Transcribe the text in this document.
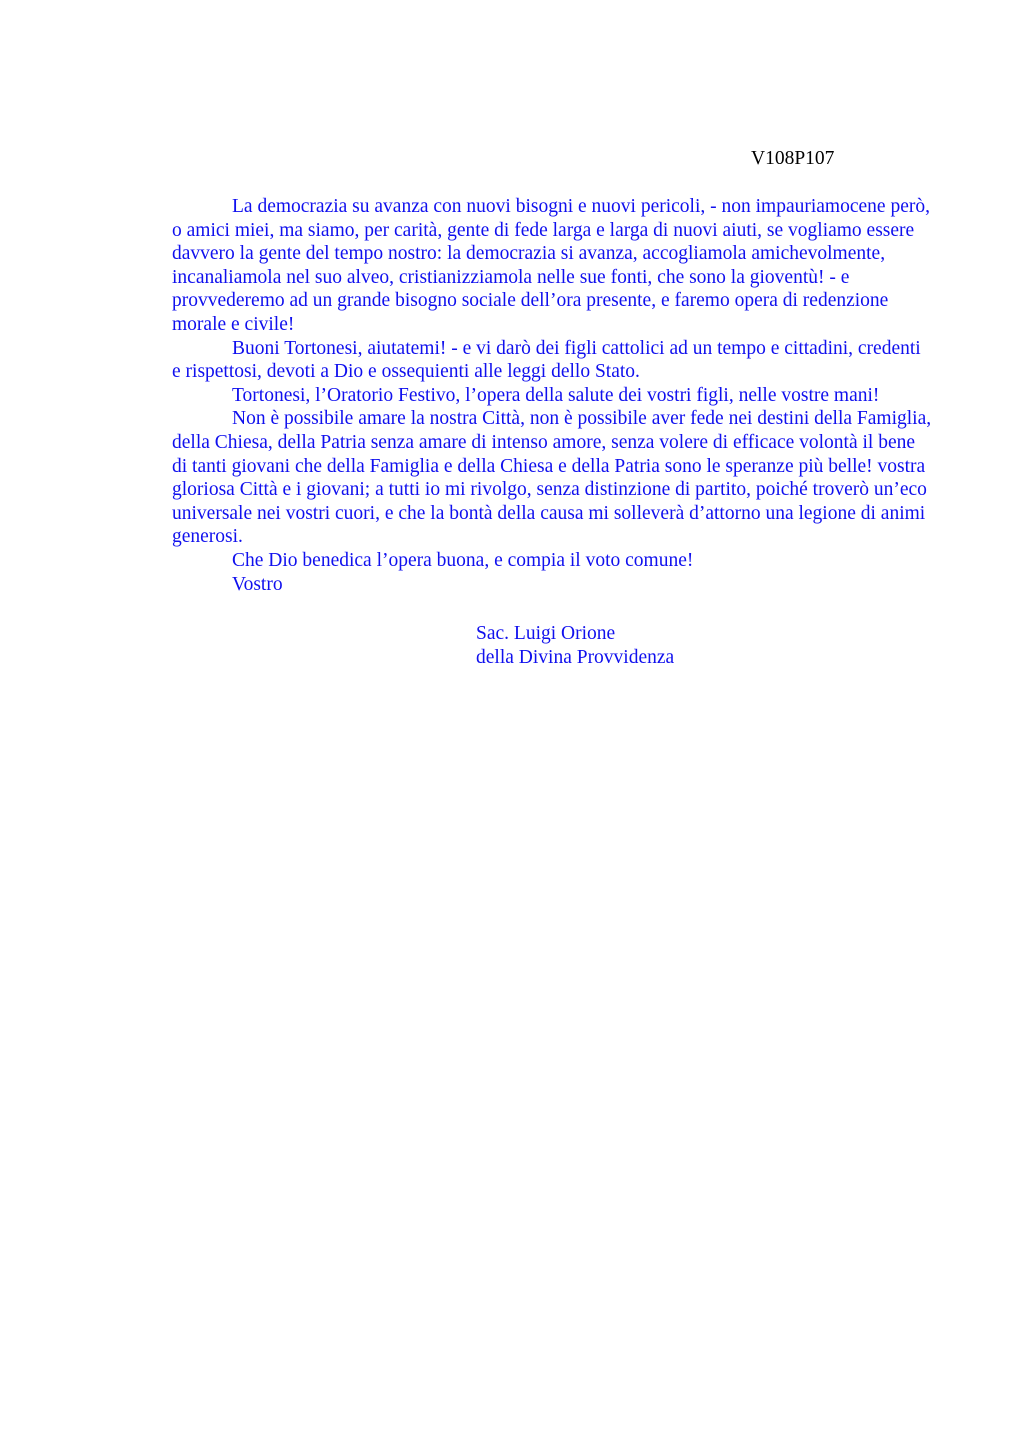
V108P107

La democrazia su avanza con nuovi bisogni e nuovi pericoli, - non impauriamocene però, o amici miei, ma siamo, per carità, gente di fede larga e larga di nuovi aiuti, se vogliamo essere davvero la gente del tempo nostro: la democrazia si avanza, accogliamola amichevolmente, incanaliamola nel suo alveo, cristianizziamola nelle sue fonti, che sono la gioventù! - e provvederemo ad un grande bisogno sociale dell’ora presente, e faremo opera di redenzione morale e civile!

Buoni Tortonesi, aiutatemi! - e vi darò dei figli cattolici ad un tempo e cittadini, credenti e rispettosi, devoti a Dio e ossequienti alle leggi dello Stato.

Tortonesi, l’Oratorio Festivo, l’opera della salute dei vostri figli, nelle vostre mani!

Non è possibile amare la nostra Città, non è possibile aver fede nei destini della Famiglia, della Chiesa, della Patria senza amare di intenso amore, senza volere di efficace volontà il bene di tanti giovani che della Famiglia e della Chiesa e della Patria sono le speranze più belle! vostra gloriosa Città e i giovani; a tutti io mi rivolgo, senza distinzione di partito, poiché troverò un’eco universale nei vostri cuori, e che la bontà della causa mi solleverà d’attorno una legione di animi generosi.

Che Dio benedica l’opera buona, e compia il voto comune!

Vostro

Sac. Luigi Orione
della Divina Provvidenza
